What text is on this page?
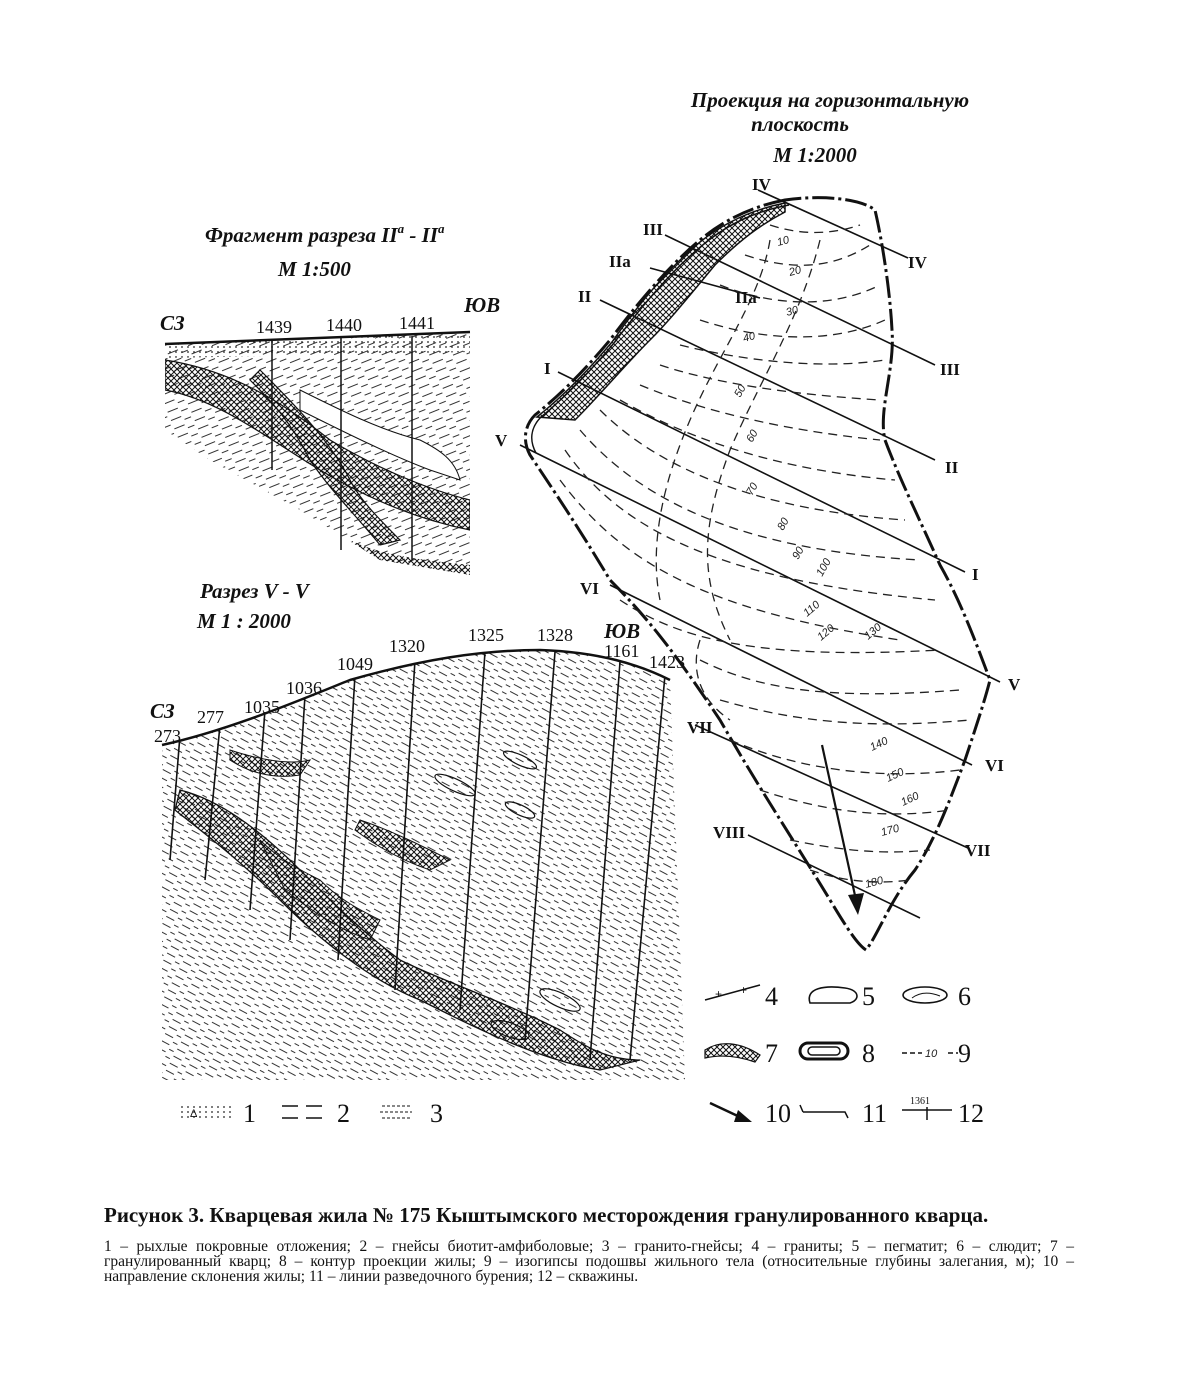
Проекция на горизонтальную
плоскость
М 1:2000
10
20
30
40
50
60
70
80
90
100
110
120 130
140
150
160
170
180
IV
III
IIa
II
I
V
VI
VII
VIII
IV
IIa
III
II
I
V
VI
VII
Фрагмент разреза $II^a - II^a$
М 1:500
СЗ
ЮВ
1439 1440 1441
Разрез V - V
М 1 : 2000
СЗ
ЮВ
273
277 1035
1036
1049
1320
1325 1328
1161
1423
+ + 4	5	6
7	8	10 9
10	11 1361 12
Δ 1	2	3

Рисунок 3. Кварцевая жила № 175 Кыштымского месторождения гранулированного кварца.

1 – рыхлые покровные отложения; 2 – гнейсы биотит-амфиболовые; 3 – гранито-гнейсы; 4 – граниты; 5 – пегматит; 6 – слюдит; 7 – гранулированный кварц; 8 – контур проекции жилы; 9 – изогипсы подошвы жильного тела (относительные глубины залегания, м); 10 – направление склонения жилы; 11 – линии разведочного бурения; 12 – скважины.
